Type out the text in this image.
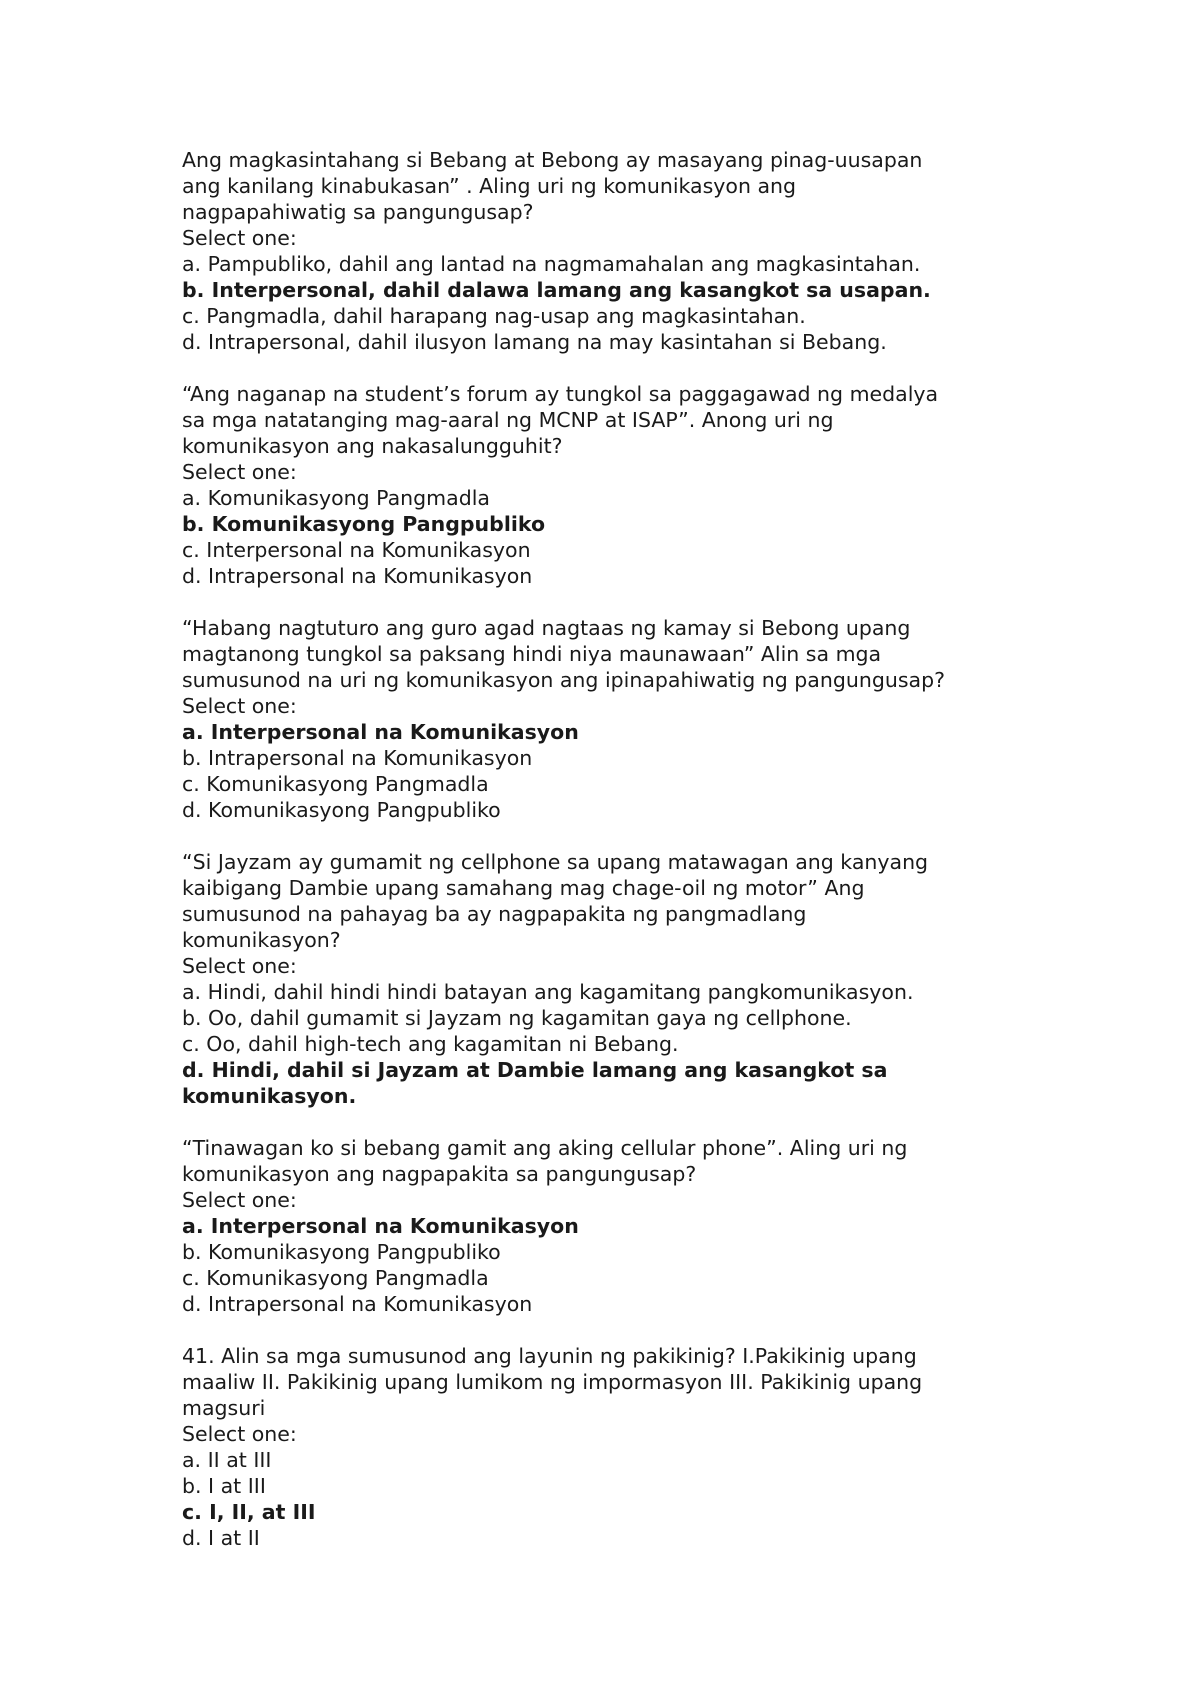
Ang magkasintahang si Bebang at Bebong ay masayang pinag-uusapan

ang kanilang kinabukasan” . Aling uri ng komunikasyon ang

nagpapahiwatig sa pangungusap?

Select one:

a. Pampubliko, dahil ang lantad na nagmamahalan ang magkasintahan.

b. Interpersonal, dahil dalawa lamang ang kasangkot sa usapan.

c. Pangmadla, dahil harapang nag-usap ang magkasintahan.

d. Intrapersonal, dahil ilusyon lamang na may kasintahan si Bebang.

“Ang naganap na student’s forum ay tungkol sa paggagawad ng medalya

sa mga natatanging mag-aaral ng MCNP at ISAP”. Anong uri ng

komunikasyon ang nakasalungguhit?

Select one:

a. Komunikasyong Pangmadla

b. Komunikasyong Pangpubliko

c. Interpersonal na Komunikasyon

d. Intrapersonal na Komunikasyon

“Habang nagtuturo ang guro agad nagtaas ng kamay si Bebong upang

magtanong tungkol sa paksang hindi niya maunawaan” Alin sa mga

sumusunod na uri ng komunikasyon ang ipinapahiwatig ng pangungusap?

Select one:

a. Interpersonal na Komunikasyon

b. Intrapersonal na Komunikasyon

c. Komunikasyong Pangmadla

d. Komunikasyong Pangpubliko

“Si Jayzam ay gumamit ng cellphone sa upang matawagan ang kanyang

kaibigang Dambie upang samahang mag chage-oil ng motor” Ang

sumusunod na pahayag ba ay nagpapakita ng pangmadlang

komunikasyon?

Select one:

a. Hindi, dahil hindi hindi batayan ang kagamitang pangkomunikasyon.

b. Oo, dahil gumamit si Jayzam ng kagamitan gaya ng cellphone.

c. Oo, dahil high-tech ang kagamitan ni Bebang.

d. Hindi, dahil si Jayzam at Dambie lamang ang kasangkot sa

komunikasyon.

“Tinawagan ko si bebang gamit ang aking cellular phone”. Aling uri ng

komunikasyon ang nagpapakita sa pangungusap?

Select one:

a. Interpersonal na Komunikasyon

b. Komunikasyong Pangpubliko

c. Komunikasyong Pangmadla

d. Intrapersonal na Komunikasyon

41. Alin sa mga sumusunod ang layunin ng pakikinig? I.Pakikinig upang

maaliw II. Pakikinig upang lumikom ng impormasyon III. Pakikinig upang

magsuri

Select one:

a. II at III

b. I at III

c. I, II, at III

d. I at II
